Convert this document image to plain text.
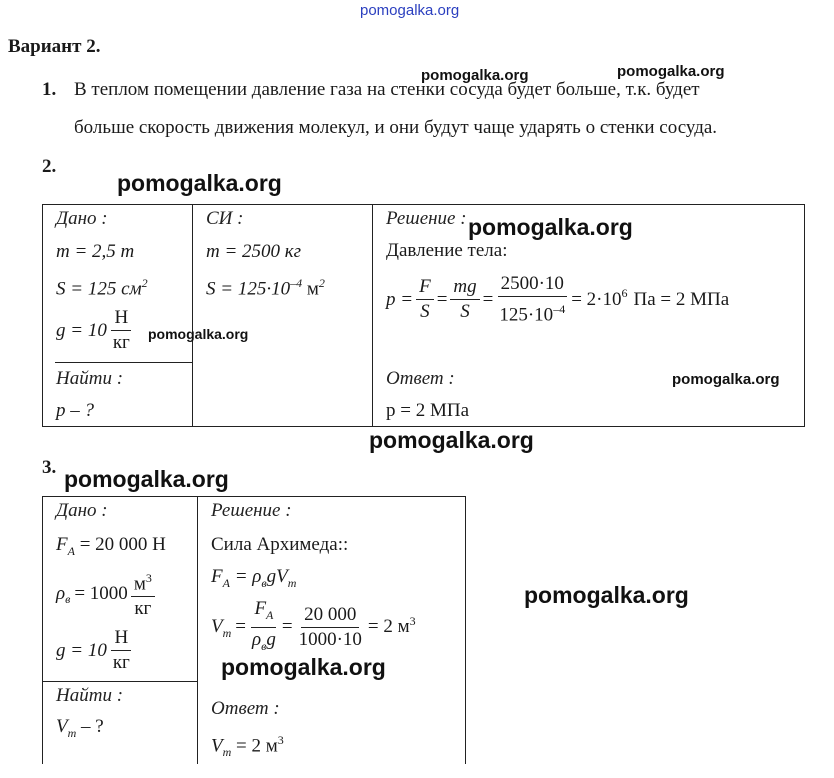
pomogalka.org
Вариант 2.
1. В теплом помещении давление газа на стенки сосуда будет больше, т.к. будет
больше скорость движения молекул, и они будут чаще ударять о стенки сосуда.
pomogalka.org	pomogalka.org
2.
pomogalka.org
Дано :
m = 2,5 т
S = 125 $см^2$
$g = 10 \frac{Н}{кг}$ pomogalka.org
Найти :
p – ?
СИ :
m = 2500 кг
$S = 125\cdot 10^{-4}$ $м^2$
Решение : pomogalka.org
Давление тела:
$p = \frac{F}{S} = \frac{mg}{S} = \frac{2500\cdot 10}{125\cdot 10^{-4}} = 2\cdot 10^6$ Па = 2 МПа
Ответ :
p = 2 МПа
pomogalka.org
pomogalka.org
3. pomogalka.org
Дано :
$F_A = 20$ 000 Н
$\rho_в = 1000 \frac{м^3}{кг}$
$g = 10 \frac{Н}{кг}$
Найти :
$V_т$ – ?
Решение :
Сила Архимеда::
$F_A = \rho_вgV_т$
$V_т = \frac{F_A}{\rho_вg} = \frac{20 000}{1000\cdot 10} = 2$ $м^3$
pomogalka.org
Ответ :
$V_т = 2$ $м^3$
pomogalka.org
